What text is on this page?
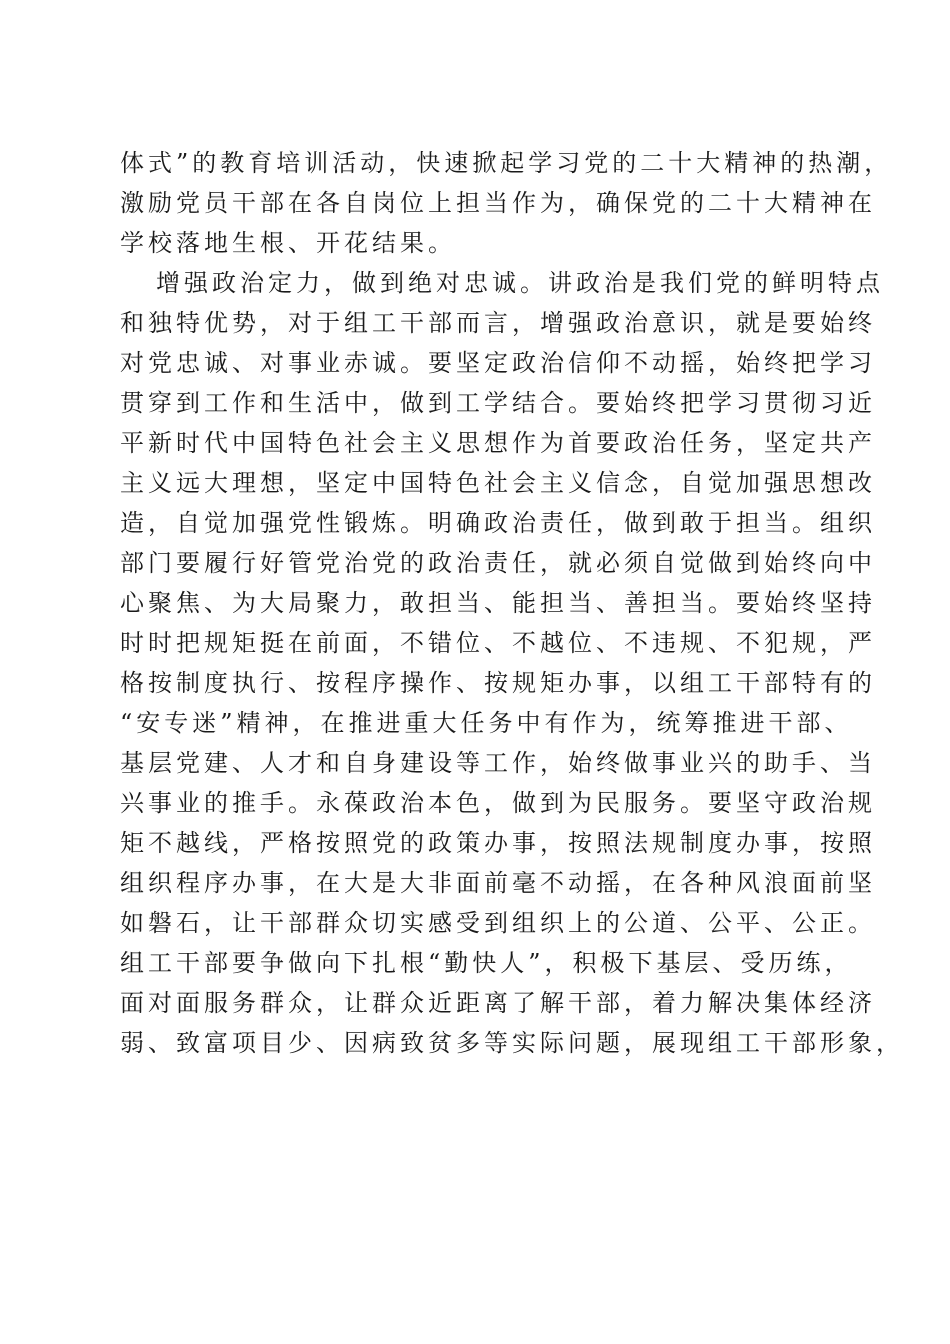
体式”的教育培训活动，快速掀起学习党的二十大精神的热潮，
激励党员干部在各自岗位上担当作为，确保党的二十大精神在
学校落地生根、开花结果。
增强政治定力，做到绝对忠诚。讲政治是我们党的鲜明特点
和独特优势，对于组工干部而言，增强政治意识，就是要始终
对党忠诚、对事业赤诚。要坚定政治信仰不动摇，始终把学习
贯穿到工作和生活中，做到工学结合。要始终把学习贯彻习近
平新时代中国特色社会主义思想作为首要政治任务，坚定共产
主义远大理想，坚定中国特色社会主义信念，自觉加强思想改
造，自觉加强党性锻炼。明确政治责任，做到敢于担当。组织
部门要履行好管党治党的政治责任，就必须自觉做到始终向中
心聚焦、为大局聚力，敢担当、能担当、善担当。要始终坚持
时时把规矩挺在前面，不错位、不越位、不违规、不犯规，严
格按制度执行、按程序操作、按规矩办事，以组工干部特有的
“安专迷”精神，在推进重大任务中有作为，统筹推进干部、
基层党建、人才和自身建设等工作，始终做事业兴的助手、当
兴事业的推手。永葆政治本色，做到为民服务。要坚守政治规
矩不越线，严格按照党的政策办事，按照法规制度办事，按照
组织程序办事，在大是大非面前毫不动摇，在各种风浪面前坚
如磐石，让干部群众切实感受到组织上的公道、公平、公正。
组工干部要争做向下扎根“勤快人”，积极下基层、受历练，
面对面服务群众，让群众近距离了解干部，着力解决集体经济
弱、致富项目少、因病致贫多等实际问题，展现组工干部形象，
